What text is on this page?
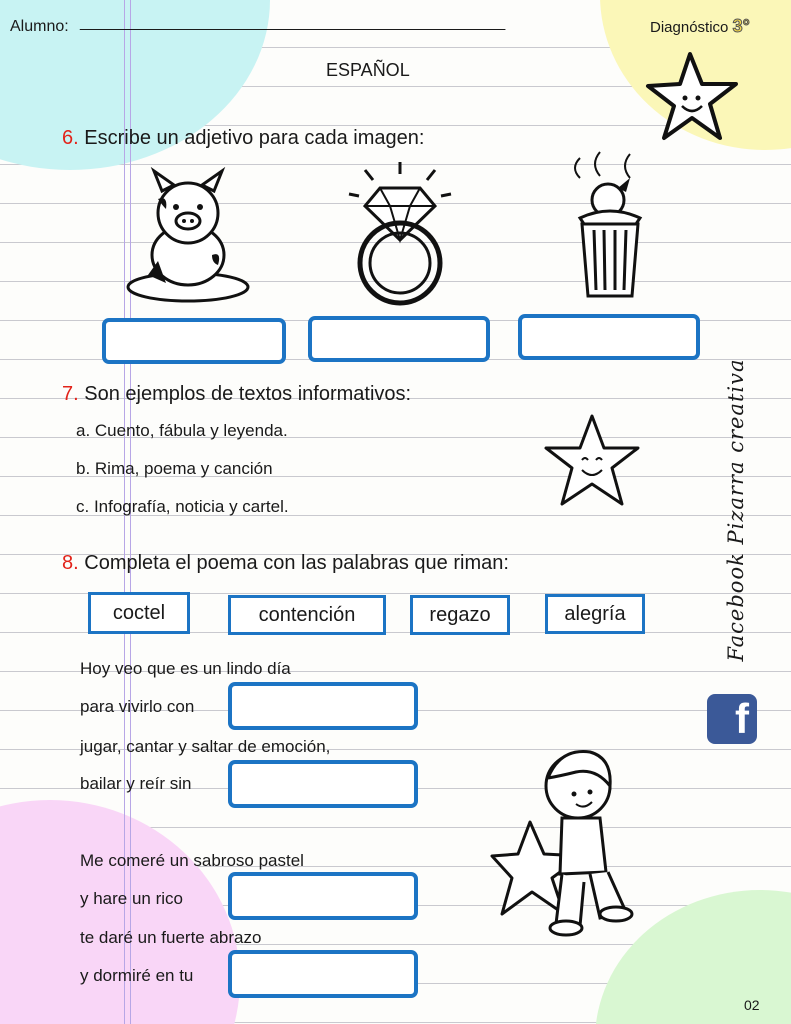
Alumno: __________________________________________________	Diagnóstico 3°
ESPAÑOL
6. Escribe un adjetivo para cada imagen:
7. Son ejemplos de textos informativos:
a. Cuento, fábula y leyenda.
b. Rima, poema y canción
c. Infografía, noticia y cartel.
8. Completa el poema con las palabras que riman:
coctel	contención	regazo	alegría
Hoy veo que es un lindo día
para vivirlo con
jugar, cantar y saltar de emoción,
bailar y reír sin
Me comeré un sabroso pastel
y hare un rico
te daré un fuerte abrazo
y dormiré en tu
Facebook Pizarra creativa
f
02
